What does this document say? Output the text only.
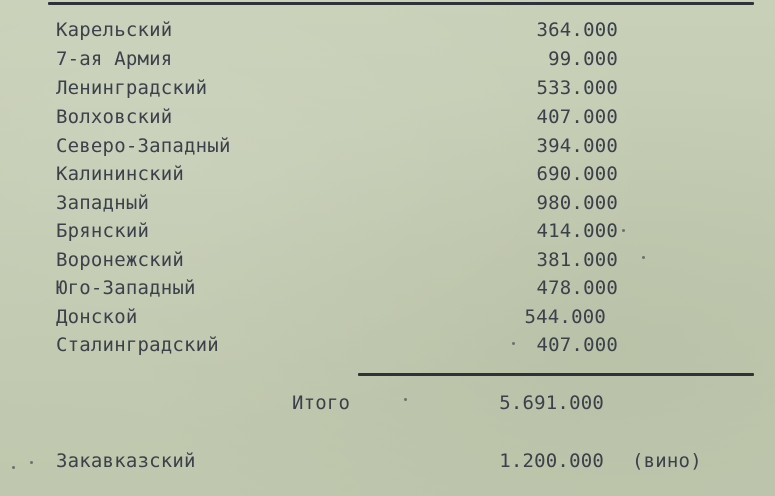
Карельский	364.000
7-ая Армия	99.000
Ленинградский	533.000
Волховский	407.000
Северо-Западный	394.000
Калининский	690.000
Западный	980.000
Брянский	414.000
Воронежский	381.000
Юго-Западный	478.000
Донской	544.000
Сталинградский	407.000
Итого	5.691.000
Закавказский	1.200.000 (вино)
